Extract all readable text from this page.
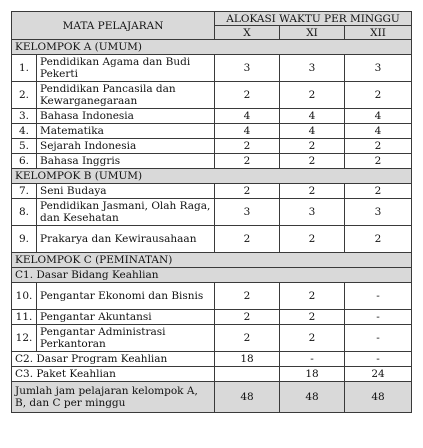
MATA PELAJARAN		ALOKASI WAKTU PER MINGGU		
		X	XI	XII
KELOMPOK A (UMUM)				
1.	Pendidikan Agama dan Budi Pekerti	3	3	3
2.	Pendidikan Pancasila dan Kewarganegaraan	2	2	2
3.	Bahasa Indonesia	4	4	4
4.	Matematika	4	4	4
5.	Sejarah Indonesia	2	2	2
6.	Bahasa Inggris	2	2	2
KELOMPOK B (UMUM)				
7.	Seni Budaya	2	2	2
8.	Pendidikan Jasmani, Olah Raga, dan Kesehatan	3	3	3
9.	Prakarya dan Kewirausahaan	2	2	2
KELOMPOK C (PEMINATAN)				
C1. Dasar Bidang Keahlian				
10.	Pengantar Ekonomi dan Bisnis	2	2	-
11.	Pengantar Akuntansi	2	2	-
12.	Pengantar Administrasi Perkantoran	2	2	-
C2. Dasar Program Keahlian		18	-	-
C3. Paket Keahlian			18	24
Jumlah jam pelajaran kelompok A, B, dan C per minggu		48	48	48
